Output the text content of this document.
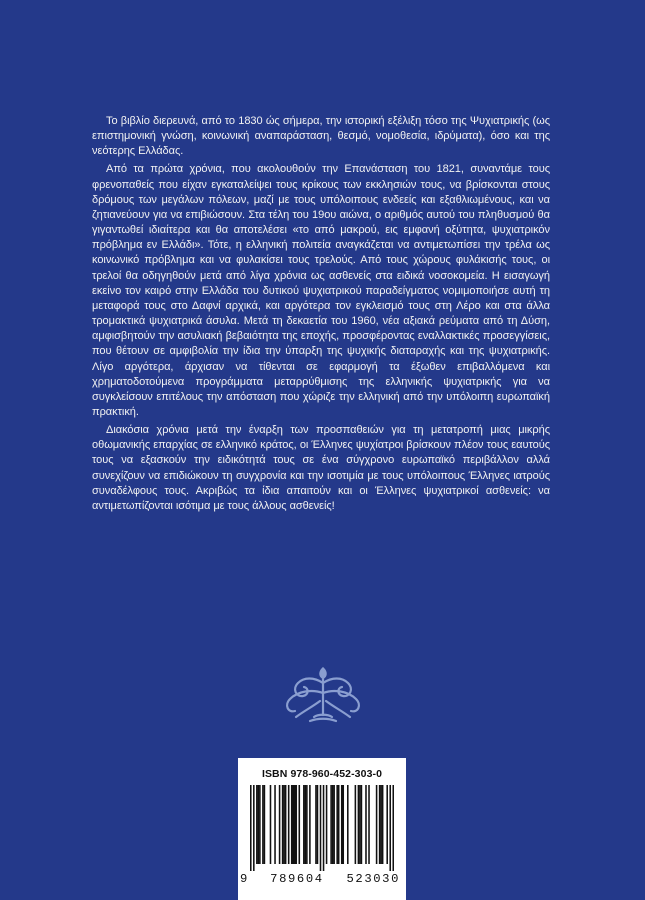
Το βιβλίο διερευνά, από το 1830 ώς σήμερα, την ιστορική εξέλιξη τόσο της Ψυχιατρικής (ως επιστημονική γνώση, κοινωνική αναπαράσταση, θεσμό, νομοθεσία, ιδρύματα), όσο και της νεότερης Ελλάδας.

Από τα πρώτα χρόνια, που ακολουθούν την Επανάσταση του 1821, συναντάμε τους φρενοπαθείς που είχαν εγκαταλείψει τους κρίκους των εκκλησιών τους, να βρίσκονται στους δρόμους των μεγάλων πόλεων, μαζί με τους υπόλοιπους ενδεείς και εξαθλιωμένους, και να ζητιανεύουν για να επιβιώσουν. Στα τέλη του 19ου αιώνα, ο αριθμός αυτού του πληθυσμού θα γιγαντωθεί ιδιαίτερα και θα αποτελέσει «το από μακρού, εις εμφανή οξύτητα, ψυχιατρικόν πρόβλημα εν Ελλάδι». Τότε, η ελληνική πολιτεία αναγκάζεται να αντιμετωπίσει την τρέλα ως κοινωνικό πρόβλημα και να φυλακίσει τους τρελούς. Από τους χώρους φυλάκισής τους, οι τρελοί θα οδηγηθούν μετά από λίγα χρόνια ως ασθενείς στα ειδικά νοσοκομεία. Η εισαγωγή εκείνο τον καιρό στην Ελλάδα του δυτικού ψυχιατρικού παραδείγματος νομιμοποιήσε αυτή τη μεταφορά τους στο Δαφνί αρχικά, και αργότερα τον εγκλεισμό τους στη Λέρο και στα άλλα τρομακτικά ψυχιατρικά άσυλα. Μετά τη δεκαετία του 1960, νέα αξιακά ρεύματα από τη Δύση, αμφισβητούν την ασυλιακή βεβαιότητα της εποχής, προσφέροντας εναλλακτικές προσεγγίσεις, που θέτουν σε αμφιβολία την ίδια την ύπαρξη της ψυχικής διαταραχής και της ψυχιατρικής. Λίγο αργότερα, άρχισαν να τίθενται σε εφαρμογή τα έξωθεν επιβαλλόμενα και χρηματοδοτούμενα προγράμματα μεταρρύθμισης της ελληνικής ψυχιατρικής για να συγκλείσουν επιτέλους την απόσταση που χώριζε την ελληνική από την υπόλοιπη ευρωπαϊκή πρακτική.

Διακόσια χρόνια μετά την έναρξη των προσπαθειών για τη μετατροπή μιας μικρής οθωμανικής επαρχίας σε ελληνικό κράτος, οι Έλληνες ψυχίατροι βρίσκουν πλέον τους εαυτούς τους να εξασκούν την ειδικότητά τους σε ένα σύγχρονο ευρωπαϊκό περιβάλλον αλλά συνεχίζουν να επιδιώκουν τη συγχρονία και την ισοτιμία με τους υπόλοιπους Έλληνες ιατρούς συναδέλφους τους. Ακριβώς τα ίδια απαιτούν και οι Έλληνες ψυχιατρικοί ασθενείς: να αντιμετωπίζονται ισότιμα με τους άλλους ασθενείς!

ISBN 978-960-452-303-0
9 789604 523030
